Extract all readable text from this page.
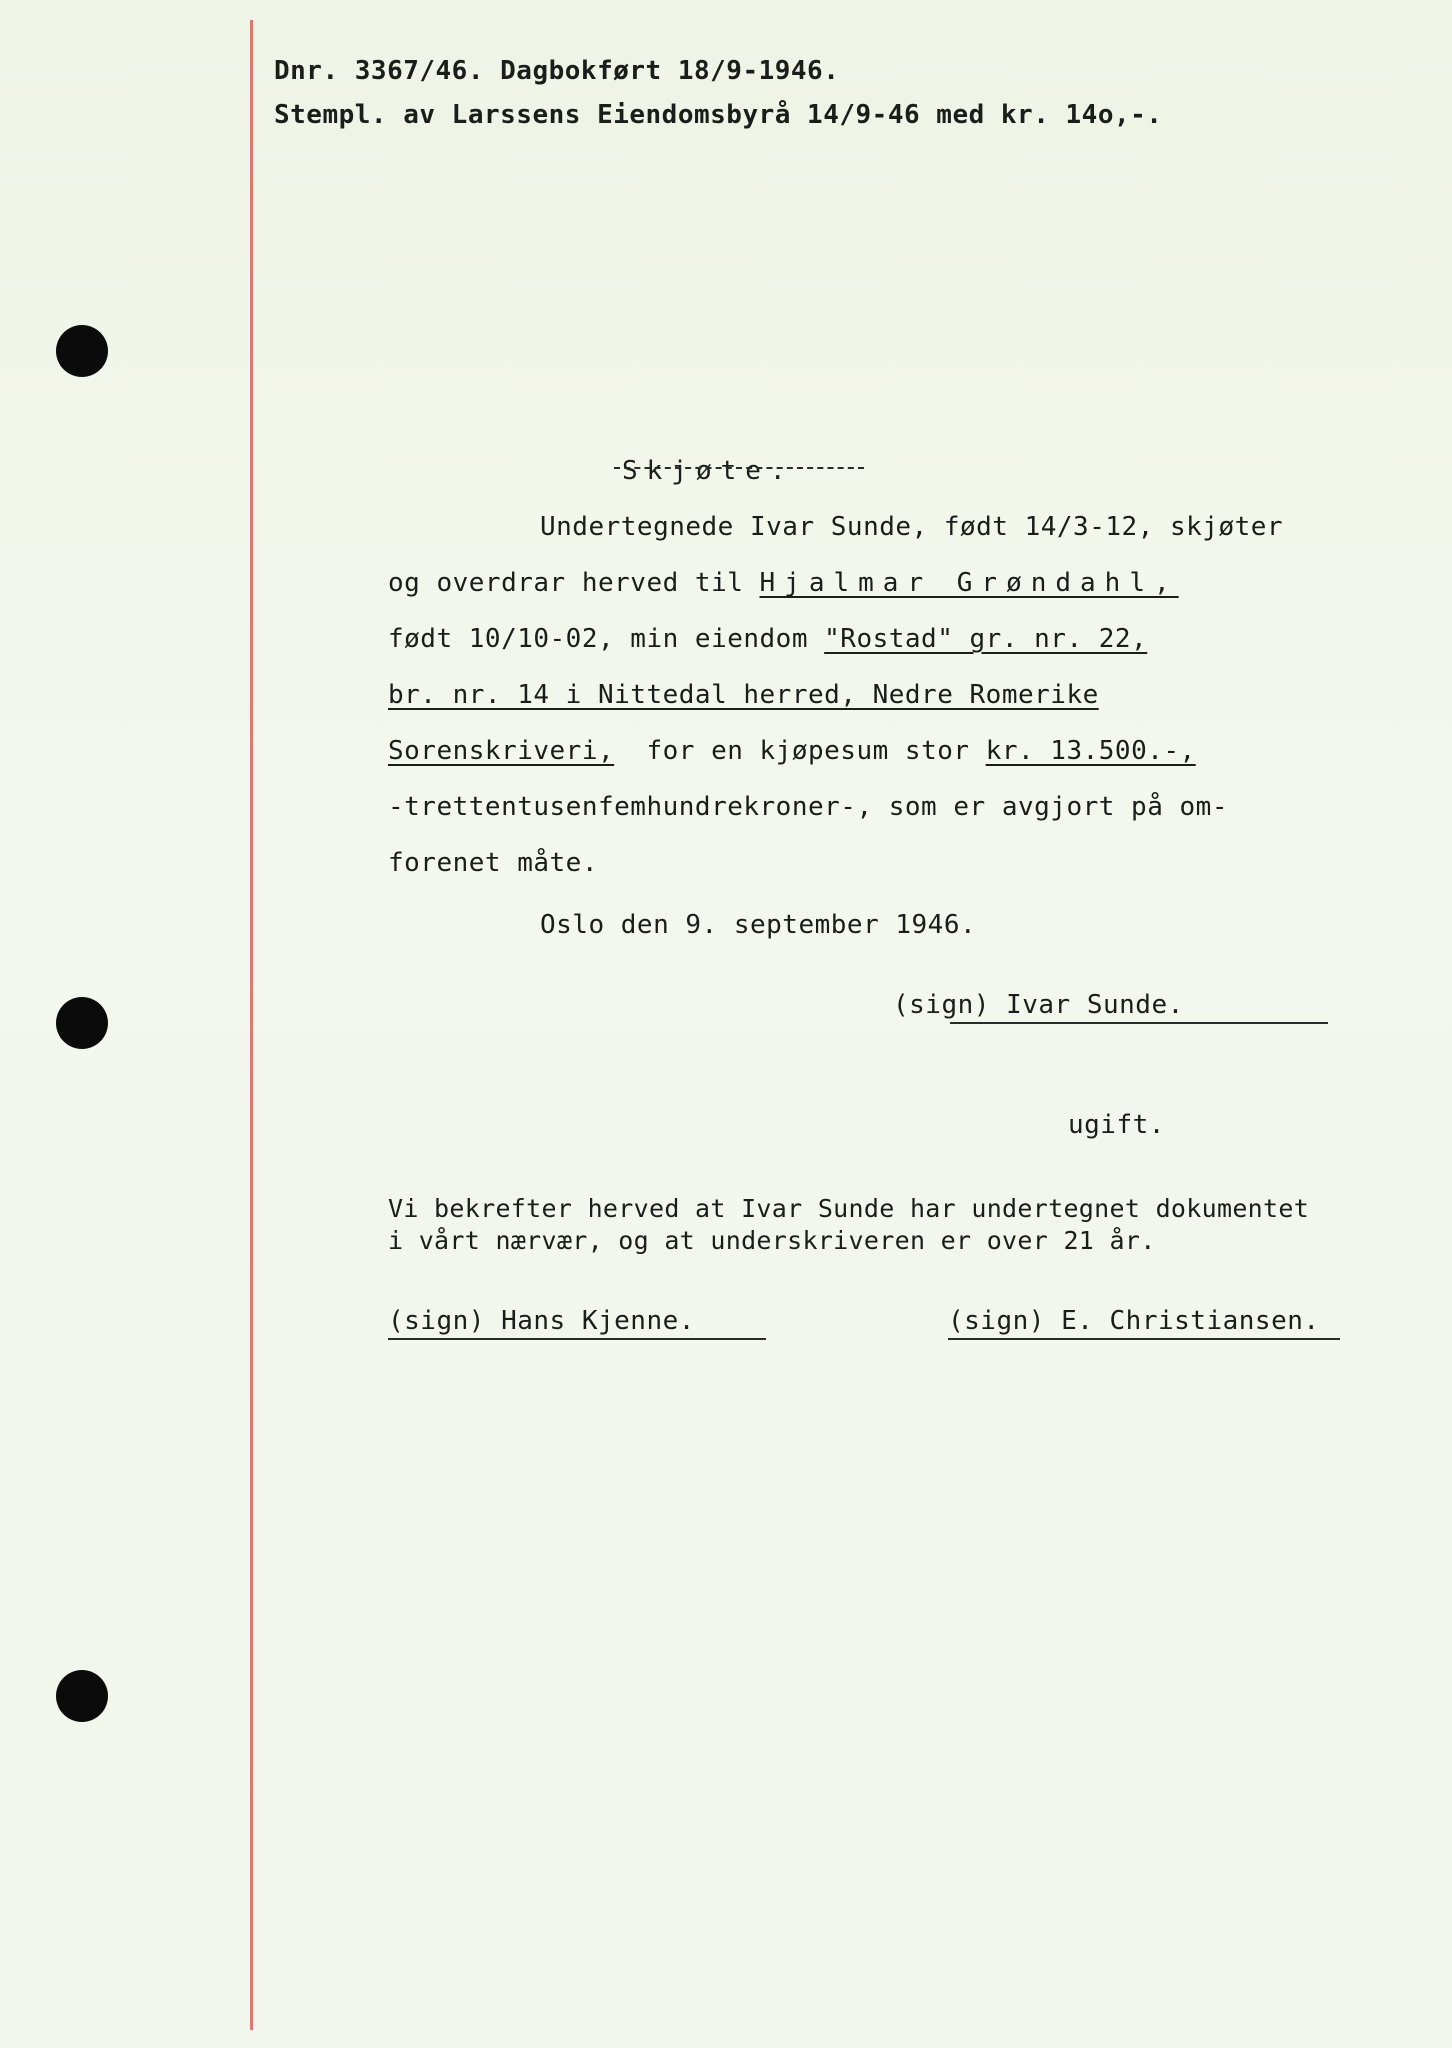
Dnr. 3367/46. Dagbokført 18/9-1946.
Stempl. av Larssens Eiendomsbyrå 14/9-46 med kr. 14o,-.
Skjøte.
Undertegnede Ivar Sunde, født 14/3-12, skjøter
og overdrar herved til Hjalmar Grøndahl,
født 10/10-02, min eiendom "Rostad" gr. nr. 22,
br. nr. 14 i Nittedal herred, Nedre Romerike
Sorenskriveri,  for en kjøpesum stor kr. 13.500.-,
-trettentusenfemhundrekroner-, som er avgjort på om-
forenet måte.
Oslo den 9. september 1946.
(sign) Ivar Sunde.
ugift.
Vi bekrefter herved at Ivar Sunde har undertegnet dokumentet
i vårt nærvær, og at underskriveren er over 21 år.
(sign) Hans Kjenne.	(sign) E. Christiansen.
